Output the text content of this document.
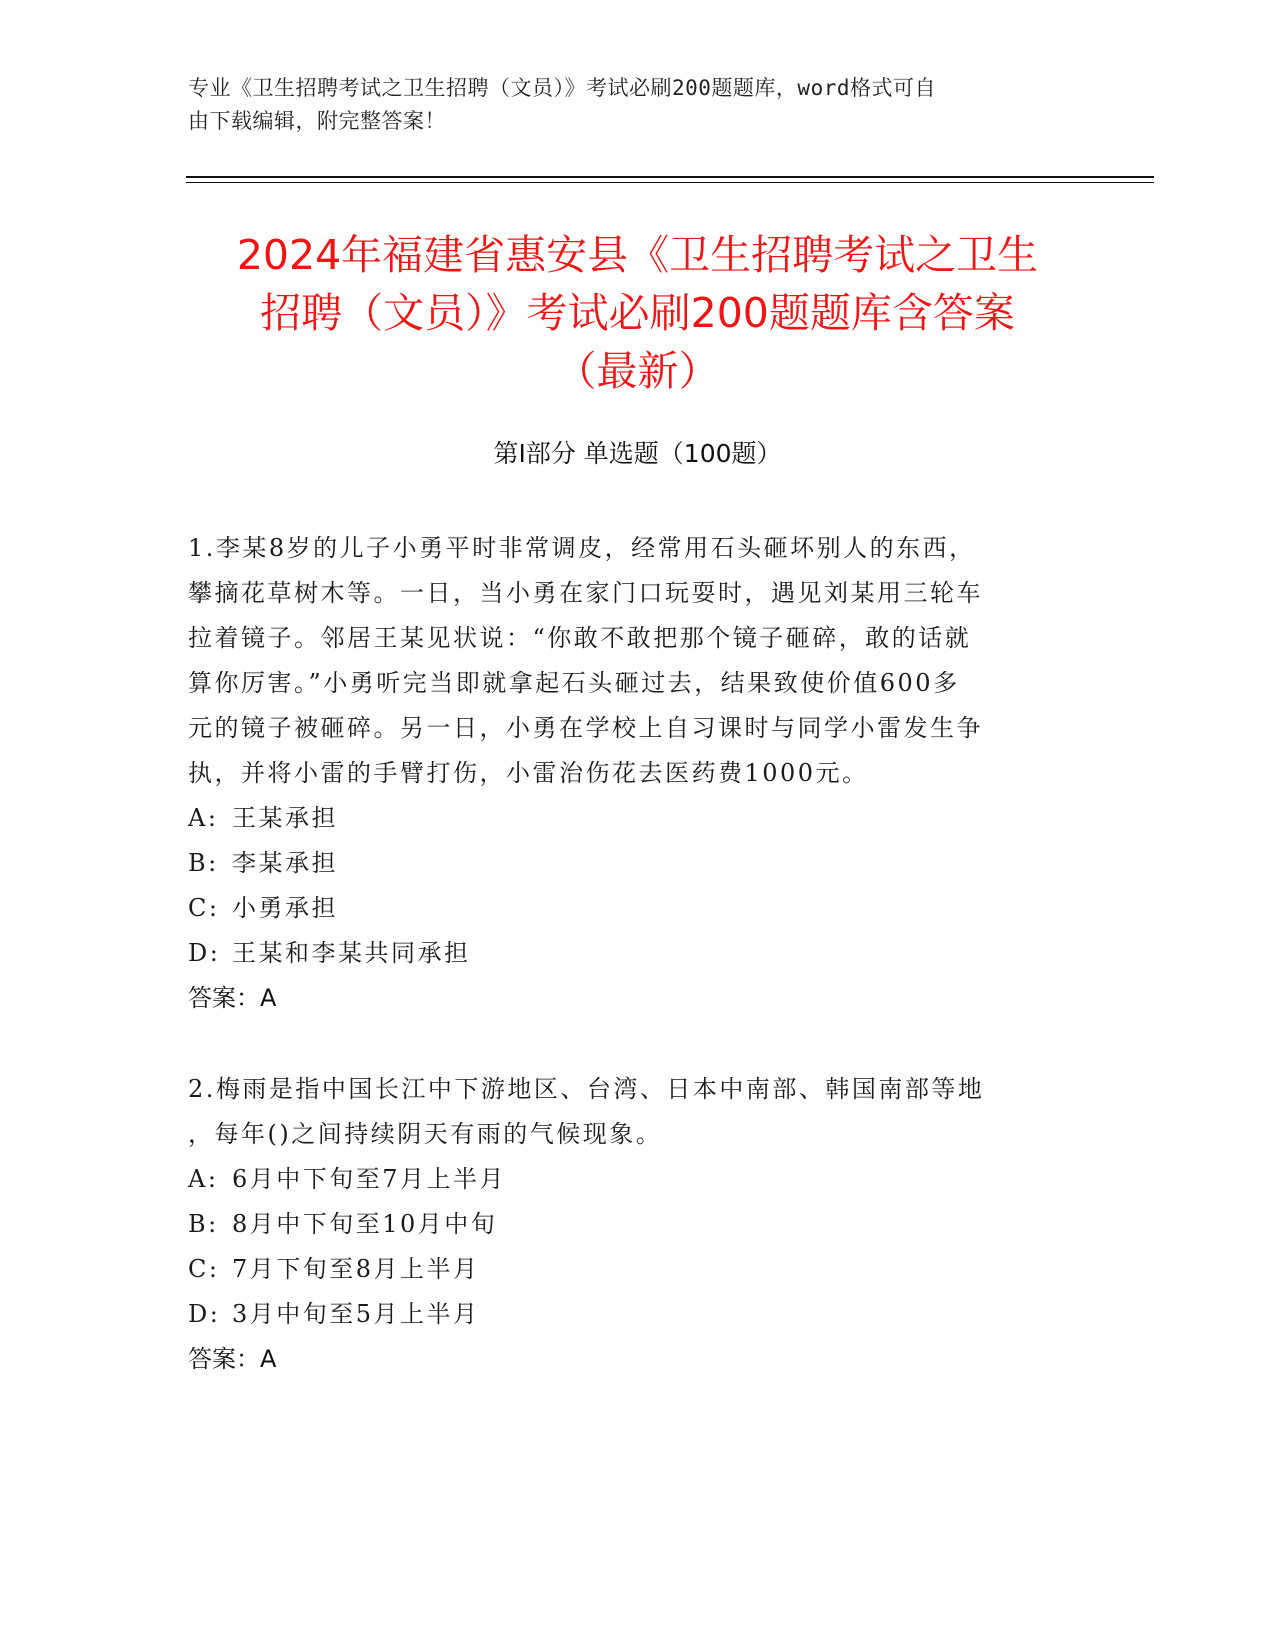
专业《卫生招聘考试之卫生招聘（文员）》考试必刷200题题库，word格式可自
由下载编辑，附完整答案！
2024年福建省惠安县《卫生招聘考试之卫生
招聘（文员）》考试必刷200题题库含答案
（最新）
第Ⅰ部分 单选题（100题）
1.李某8岁的儿子小勇平时非常调皮，经常用石头砸坏别人的东西，
攀摘花草树木等。一日，当小勇在家门口玩耍时，遇见刘某用三轮车
拉着镜子。邻居王某见状说：“你敢不敢把那个镜子砸碎，敢的话就
算你厉害。”小勇听完当即就拿起石头砸过去，结果致使价值600多
元的镜子被砸碎。另一日，小勇在学校上自习课时与同学小雷发生争
执，并将小雷的手臂打伤，小雷治伤花去医药费1000元。
A: 王某承担
B: 李某承担
C: 小勇承担
D: 王某和李某共同承担
答案：A
2.梅雨是指中国长江中下游地区、台湾、日本中南部、韩国南部等地
，每年()之间持续阴天有雨的气候现象。
A: 6月中下旬至7月上半月
B: 8月中下旬至10月中旬
C: 7月下旬至8月上半月
D: 3月中旬至5月上半月
答案：A
